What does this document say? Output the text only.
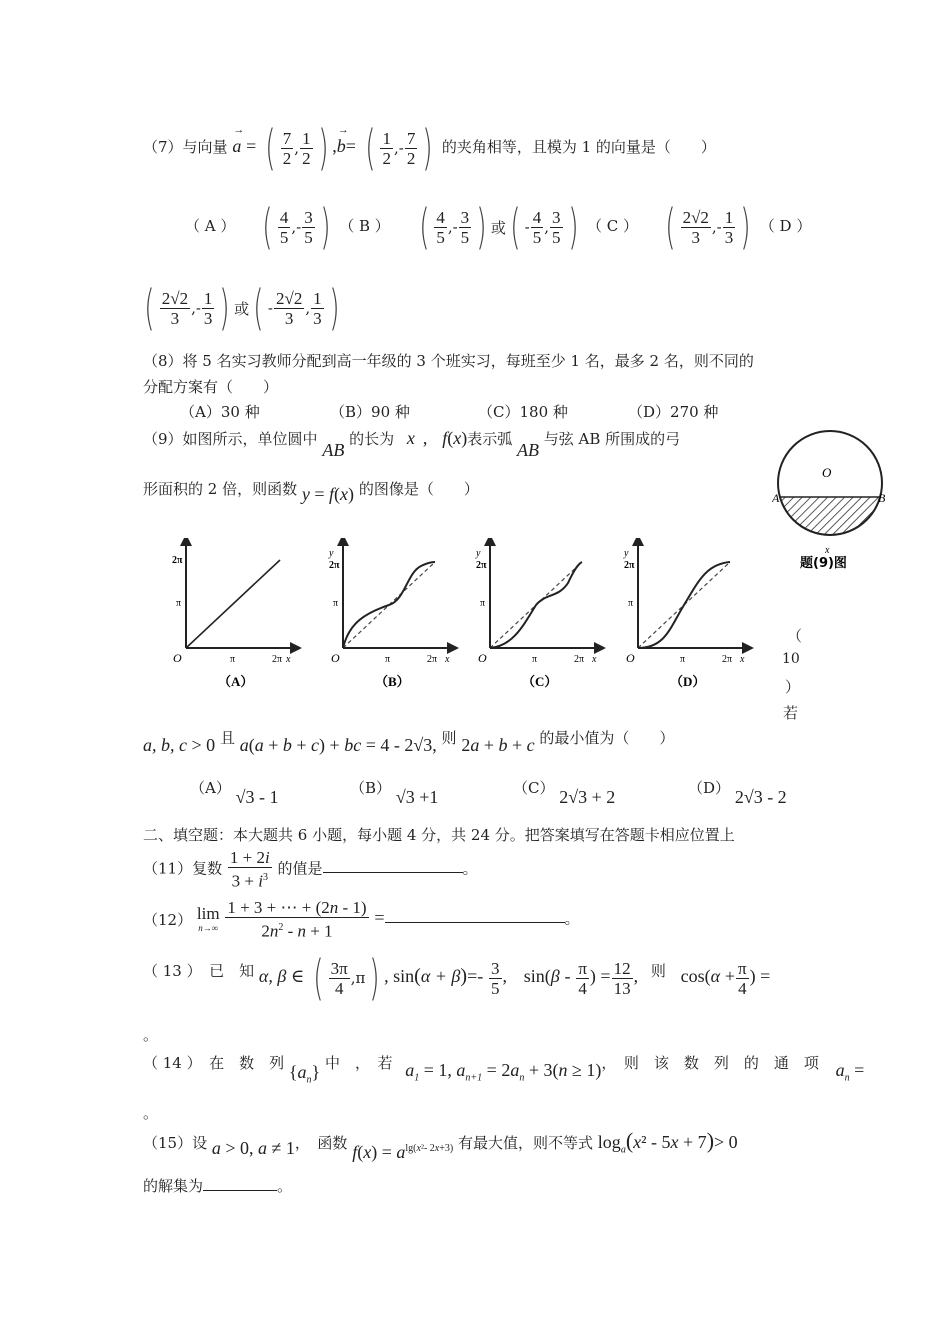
（7）与向量 a
→
= ( $\frac{7}{2}$ , $\frac{1}{2}$ ) ,b
→
= ( $\frac{1}{2}$ ,- $\frac{7}{2}$ ) 的夹角相等，且模为 1 的向量是（　　）
（ A ） ( $\frac{4}{5}$ ,- $\frac{3}{5}$ ) （ B ） ( $\frac{4}{5}$ ,- $\frac{3}{5}$ ) 或 ( - $\frac{4}{5}$ , $\frac{3}{5}$ ) （ C ） ( $\frac{2√2}{3}$ ,- $\frac{1}{3}$ ) （ D ）
( $\frac{2√2}{3}$ ,- $\frac{1}{3}$ ) 或 ( - $\frac{2√2}{3}$ , $\frac{1}{3}$ )
（8）将 5 名实习教师分配到高一年级的 3 个班实习，每班至少 1 名，最多 2 名，则不同的
分配方案有（　　）
（A）30 种	（B）90 种	（C）180 种	（D）270 种
（9）如图所示，单位圆中 AB 的长为 x , f(x)表示弧 AB 与弦 AB 所围成的弓
形面积的 2 倍，则函数 y = f(x) 的图像是（　　）
O
A	B
x
题(9)图
2π
π
O	π	2π x
（A）
y
2π
π
O	π	2π x
（B）
y
2π
π
O	π	2π x
（C）
y
2π
π
O	π	2π x
（D）
（
10
）
若
a, b, c > 0 且 a(a + b + c) + bc = 4 - 2√3, 则 2a + b + c 的最小值为（　　）
（A） √3 - 1	（B） √3 +1	（C） 2√3 + 2	（D） 2√3 - 2
二、填空题：本大题共 6 小题，每小题 4 分，共 24 分。把答案填写在答题卡相应位置上
（11）复数 $\frac{1 + 2i}{3 + i^3}$ 的值是	。
（12） lim
n→∞
$\frac{1 + 3 + \cdots + (2n - 1)}{2n^2 - n + 1}$ =	。
（ 13 ）　已　知 α, β ∈ ( $\frac{3\pi}{4} ,\pi$ ) , $\sin(\alpha + \beta)=- \frac{3}{5}$ , $\sin(\beta - \frac{\pi}{4}$ ) = $\frac{12}{13}$ , 则 $\cos(\alpha + \frac{\pi}{4}$ ) =
。
（ 14 ）　在　数　列 $\{a_n\}$ 中　，　若 $a_1 = 1$, $a_{n+1} = 2a_n + 3(n \ge 1)$，　则　该　数　列　的　通　项 $a_n$ =
。
（15）设 a > 0, a ≠ 1，　函数 $f(x) = a^{lg(x^2- 2x+3)}$ 有最大值，则不等式 $\log_a(x^2 - 5x + 7)> 0$
的解集为	。
